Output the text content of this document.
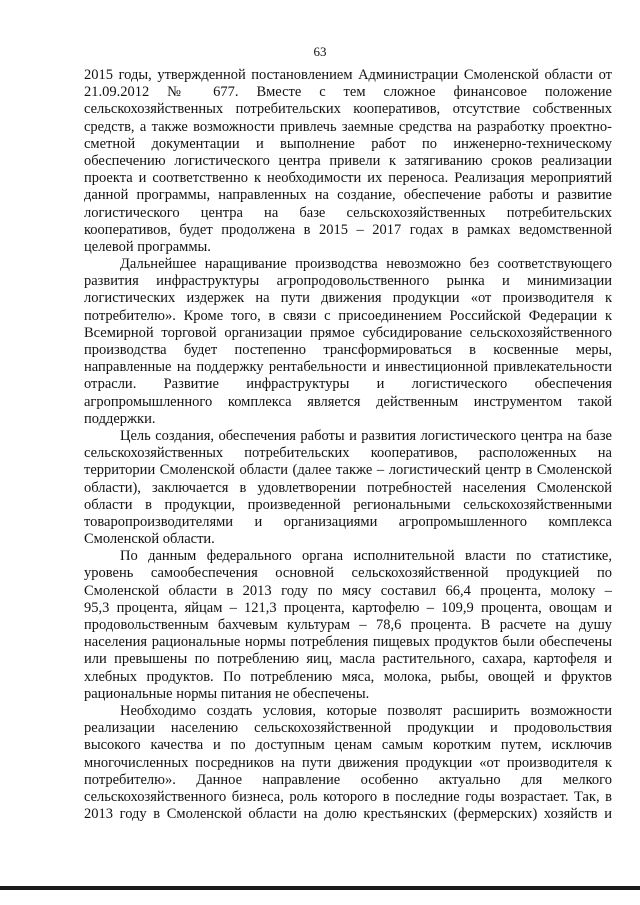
63
2015 годы, утвержденной постановлением Администрации Смоленской области от
21.09.2012 № 677. Вместе с тем сложное финансовое положение
сельскохозяйственных потребительских кооперативов, отсутствие собственных
средств, а также возможности привлечь заемные средства на разработку проектно-
сметной документации и выполнение работ по инженерно-техническому
обеспечению логистического центра привели к затягиванию сроков реализации
проекта и соответственно к необходимости их переноса. Реализация мероприятий
данной программы, направленных на создание, обеспечение работы и развитие
логистического центра на базе сельскохозяйственных потребительских
кооперативов, будет продолжена в 2015 – 2017 годах в рамках ведомственной
целевой программы.
Дальнейшее наращивание производства невозможно без соответствующего
развития инфраструктуры агропродовольственного рынка и минимизации
логистических издержек на пути движения продукции «от производителя к
потребителю». Кроме того, в связи с присоединением Российской Федерации к
Всемирной торговой организации прямое субсидирование сельскохозяйственного
производства будет постепенно трансформироваться в косвенные меры,
направленные на поддержку рентабельности и инвестиционной привлекательности
отрасли. Развитие инфраструктуры и логистического обеспечения
агропромышленного комплекса является действенным инструментом такой
поддержки.
Цель создания, обеспечения работы и развития логистического центра на базе
сельскохозяйственных потребительских кооперативов, расположенных на
территории Смоленской области (далее также – логистический центр в Смоленской
области), заключается в удовлетворении потребностей населения Смоленской
области в продукции, произведенной региональными сельскохозяйственными
товаропроизводителями и организациями агропромышленного комплекса
Смоленской области.
По данным федерального органа исполнительной власти по статистике,
уровень самообеспечения основной сельскохозяйственной продукцией по
Смоленской области в 2013 году по мясу составил 66,4 процента, молоку –
95,3 процента, яйцам – 121,3 процента, картофелю – 109,9 процента, овощам и
продовольственным бахчевым культурам – 78,6 процента. В расчете на душу
населения рациональные нормы потребления пищевых продуктов были обеспечены
или превышены по потреблению яиц, масла растительного, сахара, картофеля и
хлебных продуктов. По потреблению мяса, молока, рыбы, овощей и фруктов
рациональные нормы питания не обеспечены.
Необходимо создать условия, которые позволят расширить возможности
реализации населению сельскохозяйственной продукции и продовольствия
высокого качества и по доступным ценам самым коротким путем, исключив
многочисленных посредников на пути движения продукции «от производителя к
потребителю». Данное направление особенно актуально для мелкого
сельскохозяйственного бизнеса, роль которого в последние годы возрастает. Так, в
2013 году в Смоленской области на долю крестьянских (фермерских) хозяйств и
